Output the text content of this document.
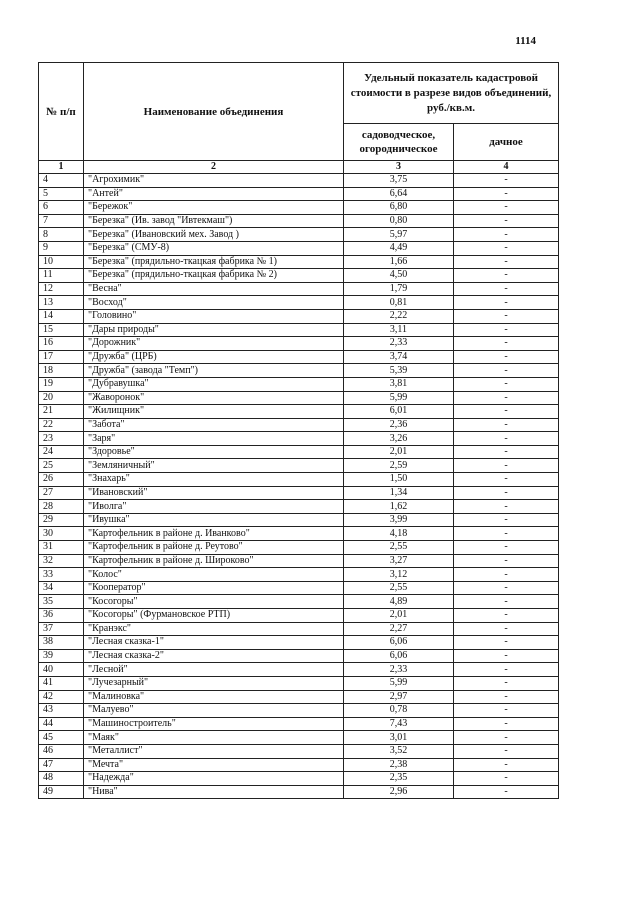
1114
№ п/п	Наименование объединения	Удельный показатель кадастровой стоимости в разрезе видов объединений, руб./кв.м.	
		садоводческое, огородническое	дачное
1	2	3	4
4	"Агрохимик"	3,75	-
5	"Антей"	6,64	-
6	"Бережок"	6,80	-
7	"Березка" (Ив. завод "Ивтекмаш")	0,80	-
8	"Березка" (Ивановский мех. Завод )	5,97	-
9	"Березка" (СМУ-8)	4,49	-
10	"Березка" (прядильно-ткацкая фабрика № 1)	1,66	-
11	"Березка" (прядильно-ткацкая фабрика № 2)	4,50	-
12	"Весна"	1,79	-
13	"Восход"	0,81	-
14	"Головино"	2,22	-
15	"Дары природы"	3,11	-
16	"Дорожник"	2,33	-
17	"Дружба" (ЦРБ)	3,74	-
18	"Дружба" (завода "Темп")	5,39	-
19	"Дубравушка"	3,81	-
20	"Жаворонок"	5,99	-
21	"Жилищник"	6,01	-
22	"Забота"	2,36	-
23	"Заря"	3,26	-
24	"Здоровье"	2,01	-
25	"Земляничный"	2,59	-
26	"Знахарь"	1,50	-
27	"Ивановский"	1,34	-
28	"Иволга"	1,62	-
29	"Ивушка"	3,99	-
30	"Картофельник в районе д. Иванково"	4,18	-
31	"Картофельник в районе д. Реутово"	2,55	-
32	"Картофельник в районе д. Широково"	3,27	-
33	"Колос"	3,12	-
34	"Кооператор"	2,55	-
35	"Косогоры"	4,89	-
36	"Косогоры" (Фурмановское РТП)	2,01	-
37	"Кранэкс"	2,27	-
38	"Лесная сказка-1"	6,06	-
39	"Лесная сказка-2"	6,06	-
40	"Лесной"	2,33	-
41	"Лучезарный"	5,99	-
42	"Малиновка"	2,97	-
43	"Малуево"	0,78	-
44	"Машиностроитель"	7,43	-
45	"Маяк"	3,01	-
46	"Металлист"	3,52	-
47	"Мечта"	2,38	-
48	"Надежда"	2,35	-
49	"Нива"	2,96	-
